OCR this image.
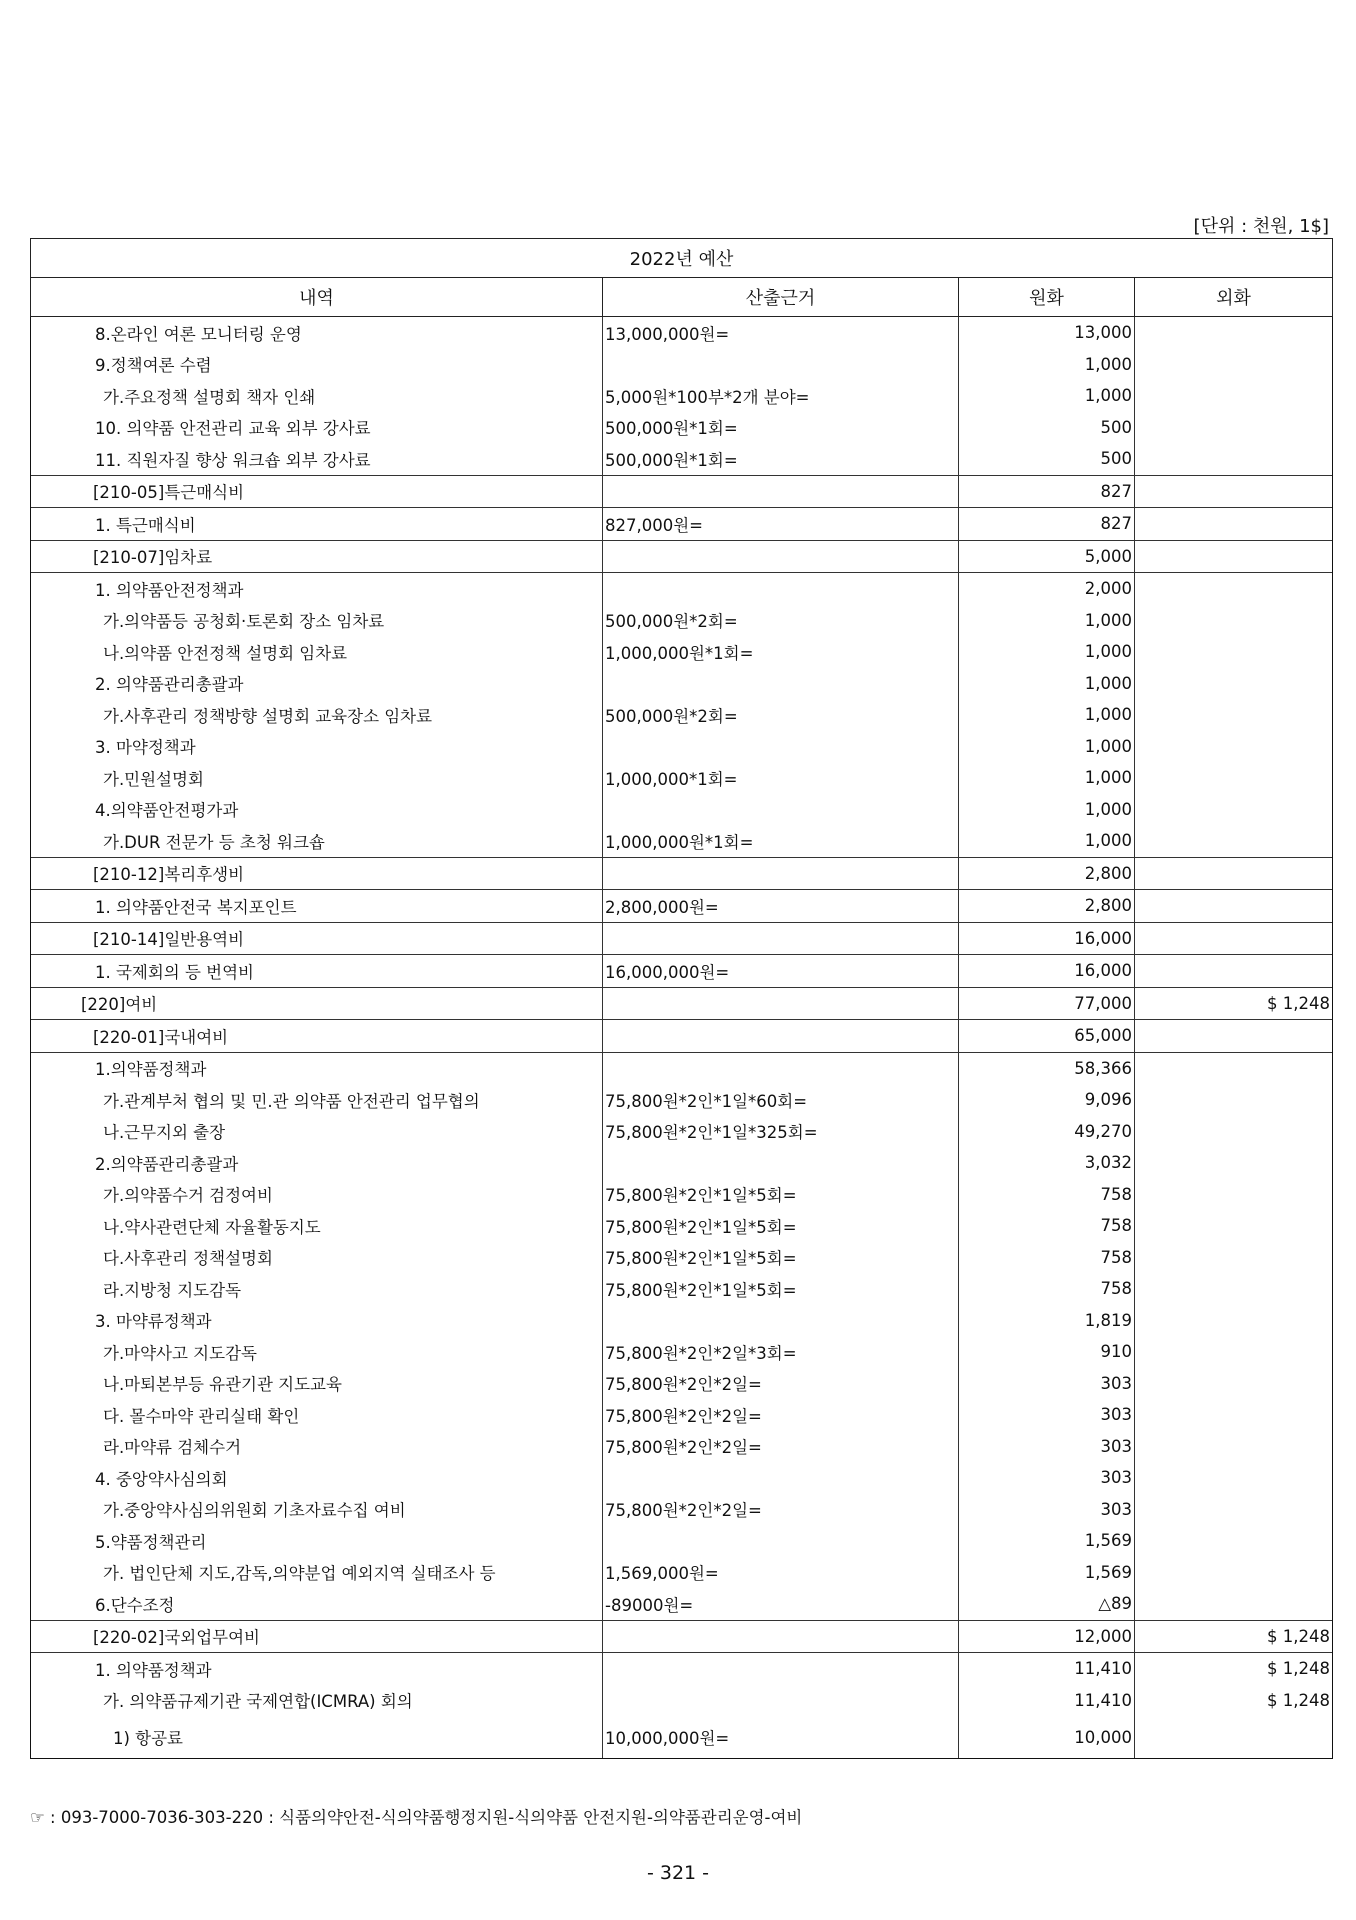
[단위 : 천원, 1$]
2022년 예산			
내역	산출근거	원화	외화
8.온라인 여론 모니터링 운영	13,000,000원=	13,000	
9.정책여론 수렴		1,000	
가.주요정책 설명회 책자 인쇄	5,000원*100부*2개 분야=	1,000	
10. 의약품 안전관리 교육 외부 강사료	500,000원*1회=	500	
11. 직원자질 향상 워크숍 외부 강사료	500,000원*1회=	500	
[210-05]특근매식비		827	
1. 특근매식비	827,000원=	827	
[210-07]임차료		5,000	
1. 의약품안전정책과		2,000	
가.의약품등 공청회·토론회 장소 임차료	500,000원*2회=	1,000	
나.의약품 안전정책 설명회 임차료	1,000,000원*1회=	1,000	
2. 의약품관리총괄과		1,000	
가.사후관리 정책방향 설명회 교육장소 임차료	500,000원*2회=	1,000	
3. 마약정책과		1,000	
가.민원설명회	1,000,000*1회=	1,000	
4.의약품안전평가과		1,000	
가.DUR 전문가 등 초청 워크숍	1,000,000원*1회=	1,000	
[210-12]복리후생비		2,800	
1. 의약품안전국 복지포인트	2,800,000원=	2,800	
[210-14]일반용역비		16,000	
1. 국제회의 등 번역비	16,000,000원=	16,000	
[220]여비		77,000	$ 1,248
[220-01]국내여비		65,000	
1.의약품정책과		58,366	
가.관계부처 협의 및 민.관 의약품 안전관리 업무협의	75,800원*2인*1일*60회=	9,096	
나.근무지외 출장	75,800원*2인*1일*325회=	49,270	
2.의약품관리총괄과		3,032	
가.의약품수거 검정여비	75,800원*2인*1일*5회=	758	
나.약사관련단체 자율활동지도	75,800원*2인*1일*5회=	758	
다.사후관리 정책설명회	75,800원*2인*1일*5회=	758	
라.지방청 지도감독	75,800원*2인*1일*5회=	758	
3. 마약류정책과		1,819	
가.마약사고 지도감독	75,800원*2인*2일*3회=	910	
나.마퇴본부등 유관기관 지도교육	75,800원*2인*2일=	303	
다. 몰수마약 관리실태 확인	75,800원*2인*2일=	303	
라.마약류 검체수거	75,800원*2인*2일=	303	
4. 중앙약사심의회		303	
가.중앙약사심의위원회 기초자료수집 여비	75,800원*2인*2일=	303	
5.약품정책관리		1,569	
가. 법인단체 지도,감독,의약분업 예외지역 실태조사 등	1,569,000원=	1,569	
6.단수조정	-89000원=	△89	
[220-02]국외업무여비		12,000	$ 1,248
1. 의약품정책과		11,410	$ 1,248
가. 의약품규제기관 국제연합(ICMRA) 회의		11,410	$ 1,248
1) 항공료	10,000,000원=	10,000	
☞ : 093-7000-7036-303-220 : 식품의약안전-식의약품행정지원-식의약품 안전지원-의약품관리운영-여비
- 321 -
